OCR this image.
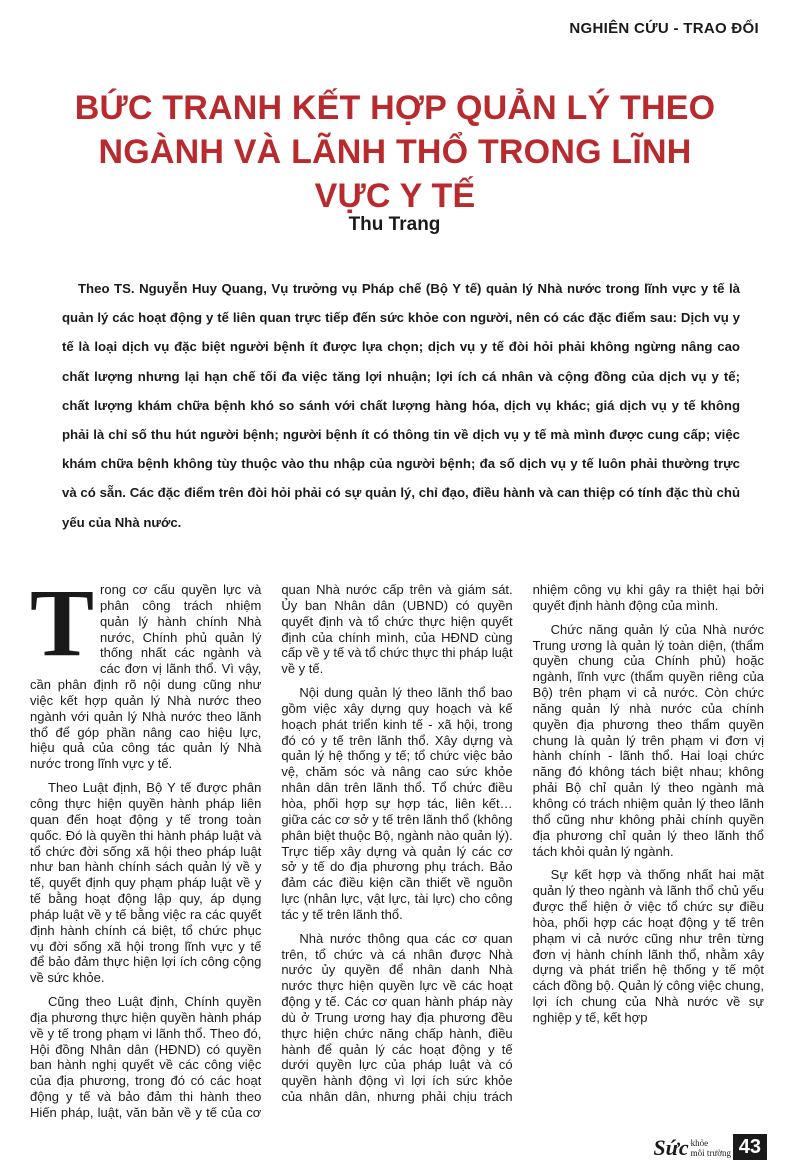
NGHIÊN CỨU - TRAO ĐỔI
BỨC TRANH KẾT HỢP QUẢN LÝ THEO NGÀNH VÀ LÃNH THỔ TRONG LĨNH VỰC Y TẾ
Thu Trang

Theo TS. Nguyễn Huy Quang, Vụ trưởng vụ Pháp chế (Bộ Y tế) quản lý Nhà nước trong lĩnh vực y tế là quản lý các hoạt động y tế liên quan trực tiếp đến sức khỏe con người, nên có các đặc điểm sau: Dịch vụ y tế là loại dịch vụ đặc biệt người bệnh ít được lựa chọn; dịch vụ y tế đòi hỏi phải không ngừng nâng cao chất lượng nhưng lại hạn chế tối đa việc tăng lợi nhuận; lợi ích cá nhân và cộng đồng của dịch vụ y tế; chất lượng khám chữa bệnh khó so sánh với chất lượng hàng hóa, dịch vụ khác; giá dịch vụ y tế không phải là chỉ số thu hút người bệnh; người bệnh ít có thông tin về dịch vụ y tế mà mình được cung cấp; việc khám chữa bệnh không tùy thuộc vào thu nhập của người bệnh; đa số dịch vụ y tế luôn phải thường trực và có sẵn. Các đặc điểm trên đòi hỏi phải có sự quản lý, chỉ đạo, điều hành và can thiệp có tính đặc thù chủ yếu của Nhà nước.

Trong cơ cấu quyền lực và phân công trách nhiệm quản lý hành chính Nhà nước, Chính phủ quản lý thống nhất các ngành và các đơn vị lãnh thổ. Vì vậy, cần phân định rõ nội dung cũng như việc kết hợp quản lý Nhà nước theo ngành với quản lý Nhà nước theo lãnh thổ để góp phần nâng cao hiệu lực, hiệu quả của công tác quản lý Nhà nước trong lĩnh vực y tế.

Theo Luật định, Bộ Y tế được phân công thực hiện quyền hành pháp liên quan đến hoạt động y tế trong toàn quốc. Đó là quyền thi hành pháp luật và tổ chức đời sống xã hội theo pháp luật như ban hành chính sách quản lý về y tế, quyết định quy phạm pháp luật về y tế bằng hoạt động lập quy, áp dụng pháp luật về y tế bằng việc ra các quyết định hành chính cá biệt, tổ chức phục vụ đời sống xã hội trong lĩnh vực y tế để bảo đảm thực hiện lợi ích công cộng về sức khỏe.

Cũng theo Luật định, Chính quyền địa phương thực hiện quyền hành pháp về y tế trong phạm vi lãnh thổ. Theo đó, Hội đồng Nhân dân (HĐND) có quyền ban hành nghị quyết về các công việc của địa phương, trong đó có các hoạt động y tế và bảo đảm thi hành theo Hiến pháp, luật, văn bản về y tế của cơ quan Nhà nước cấp trên và giám sát. Ủy ban Nhân dân (UBND) có quyền quyết định và tổ chức thực hiện quyết định của chính mình, của HĐND cùng cấp về y tế và tổ chức thực thi pháp luật về y tế.

Nội dung quản lý theo lãnh thổ bao gồm việc xây dựng quy hoạch và kế hoạch phát triển kinh tế - xã hội, trong đó có y tế trên lãnh thổ. Xây dựng và quản lý hệ thống y tế; tổ chức việc bảo vệ, chăm sóc và nâng cao sức khỏe nhân dân trên lãnh thổ. Tổ chức điều hòa, phối hợp sự hợp tác, liên kết… giữa các cơ sở y tế trên lãnh thổ (không phân biệt thuộc Bộ, ngành nào quản lý). Trực tiếp xây dựng và quản lý các cơ sở y tế do địa phương phụ trách. Bảo đảm các điều kiện cần thiết về nguồn lực (nhân lực, vật lực, tài lực) cho công tác y tế trên lãnh thổ.

Nhà nước thông qua các cơ quan trên, tổ chức và cá nhân được Nhà nước ủy quyền để nhân danh Nhà nước thực hiện quyền lực về các hoạt động y tế. Các cơ quan hành pháp này dù ở Trung ương hay địa phương đều thực hiện chức năng chấp hành, điều hành để quản lý các hoạt động y tế dưới quyền lực của pháp luật và có quyền hành động vì lợi ích sức khỏe của nhân dân, nhưng phải chịu trách nhiệm công vụ khi gây ra thiệt hại bởi quyết định hành động của mình.

Chức năng quản lý của Nhà nước Trung ương là quản lý toàn diện, (thẩm quyền chung của Chính phủ) hoặc ngành, lĩnh vực (thẩm quyền riêng của Bộ) trên phạm vi cả nước. Còn chức năng quản lý nhà nước của chính quyền địa phương theo thẩm quyền chung là quản lý trên phạm vi đơn vị hành chính - lãnh thổ. Hai loại chức năng đó không tách biệt nhau; không phải Bộ chỉ quản lý theo ngành mà không có trách nhiệm quản lý theo lãnh thổ cũng như không phải chính quyền địa phương chỉ quản lý theo lãnh thổ tách khỏi quản lý ngành.

Sự kết hợp và thống nhất hai mặt quản lý theo ngành và lãnh thổ chủ yếu được thể hiện ở việc tổ chức sự điều hòa, phối hợp các hoạt động y tế trên phạm vi cả nước cũng như trên từng đơn vị hành chính lãnh thổ, nhằm xây dựng và phát triển hệ thống y tế một cách đồng bộ. Quản lý công việc chung, lợi ích chung của Nhà nước về sự nghiệp y tế, kết hợp

Sức khỏe
môi trường 43
